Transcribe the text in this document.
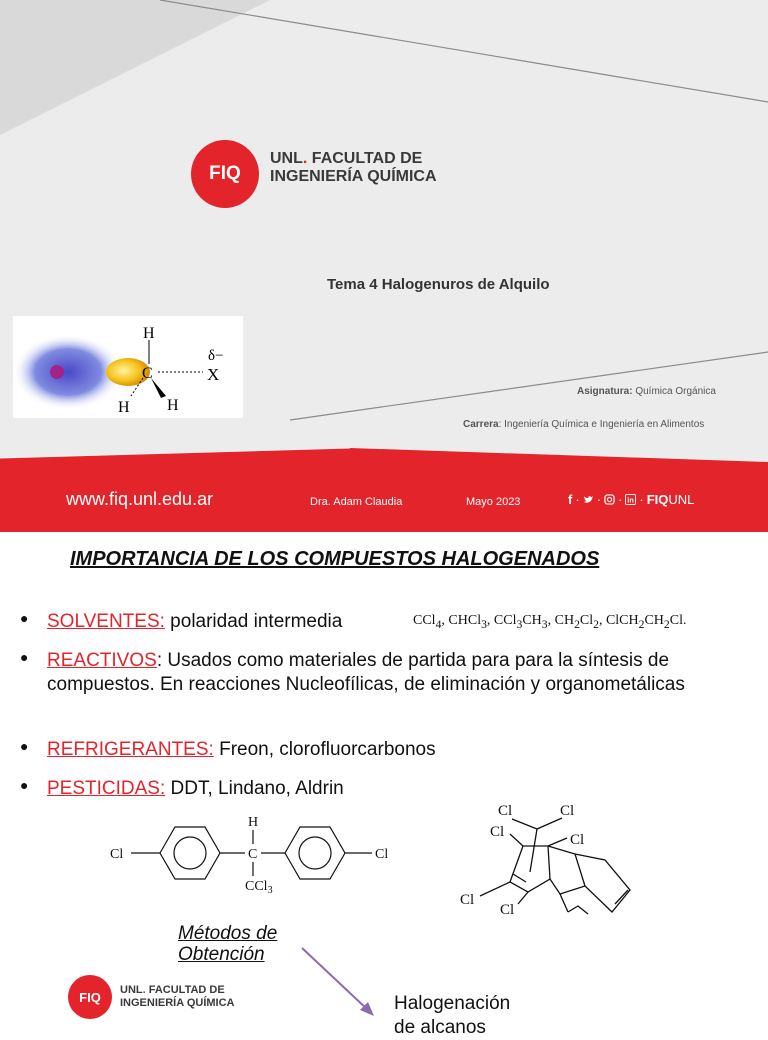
FIQ
UNL. FACULTAD DE
INGENIERÍA QUÍMICA
Tema 4 Halogenuros de Alquilo
H
C
H H
δ−
X
Asignatura: Química Orgánica
Carrera: Ingeniería Química e Ingeniería en Alimentos
www.fiq.unl.edu.ar	Dra. Adam Claudia	Mayo 2023	f · · · in · FIQUNL
IMPORTANCIA DE LOS COMPUESTOS HALOGENADOS
● SOLVENTES: polaridad intermedia	CCl$_4$, CHCl$_3$, $CCl_3CH_3$, $CH_2Cl_2$, $ClCH_2CH_2Cl$.
● REACTIVOS: Usados como materiales de partida para para la síntesis de compuestos. En reacciones Nucleofílicas, de eliminación y organometálicas
● REFRIGERANTES: Freon, clorofluorcarbonos
● PESTICIDAS: DDT, Lindano, Aldrin
Cl	Cl
H
C
CCl$_3$
Cl	Cl
Cl	Cl
Cl
Cl
Métodos de
Obtención
Halogenación
de alcanos
FIQ	UNL. FACULTAD DE
INGENIERÍA QUÍMICA
